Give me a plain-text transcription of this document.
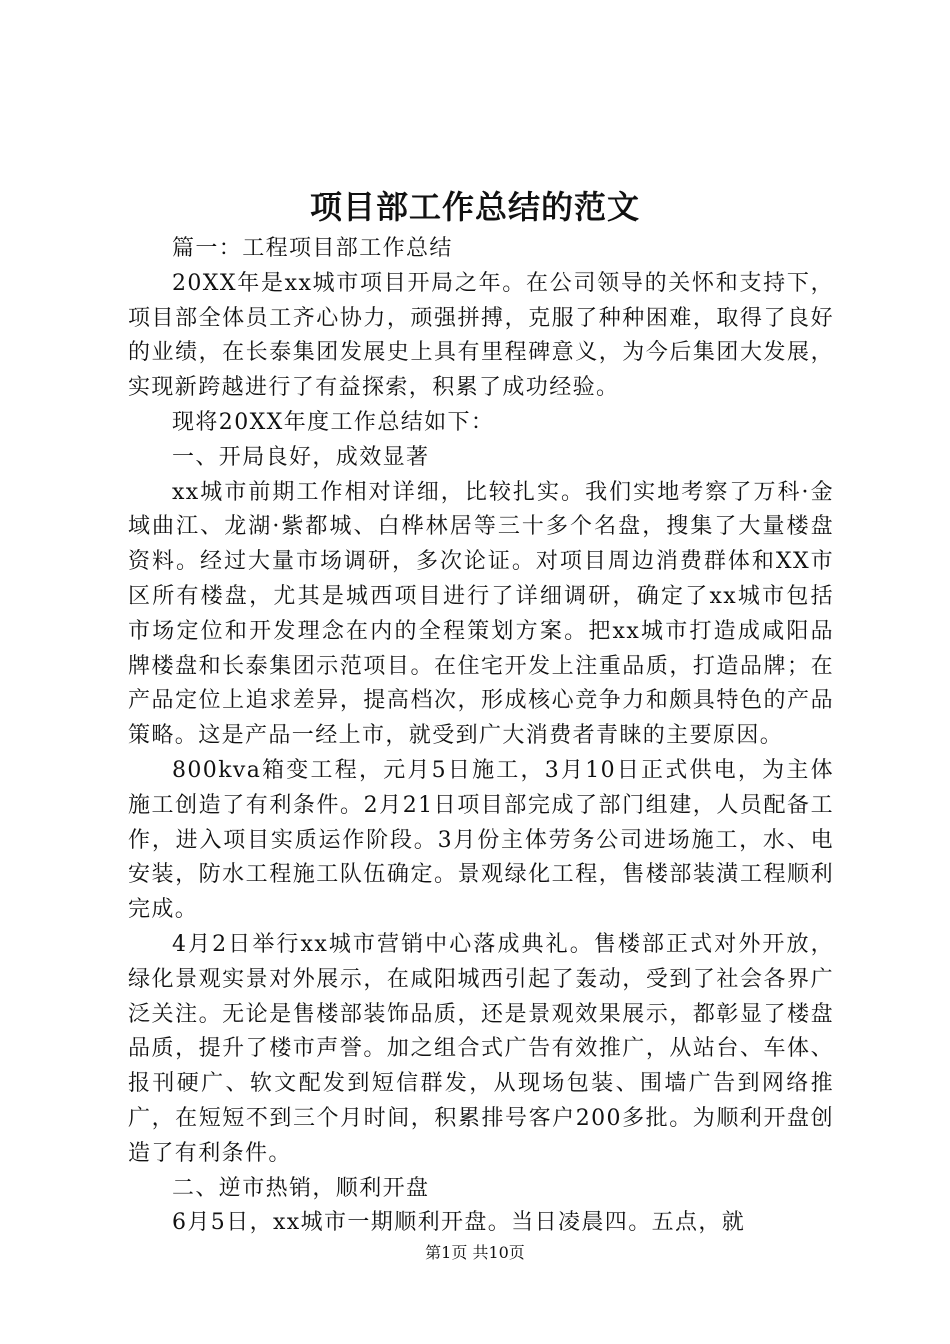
项目部工作总结的范文

篇一：工程项目部工作总结

20XX年是xx城市项目开局之年。在公司领导的关怀和支持下，项目部全体员工齐心协力，顽强拼搏，克服了种种困难，取得了良好的业绩，在长泰集团发展史上具有里程碑意义，为今后集团大发展，实现新跨越进行了有益探索，积累了成功经验。

现将20XX年度工作总结如下：

一、开局良好，成效显著

xx城市前期工作相对详细，比较扎实。我们实地考察了万科·金域曲江、龙湖·紫都城、白桦林居等三十多个名盘，搜集了大量楼盘资料。经过大量市场调研，多次论证。对项目周边消费群体和XX市区所有楼盘，尤其是城西项目进行了详细调研，确定了xx城市包括市场定位和开发理念在内的全程策划方案。把xx城市打造成咸阳品牌楼盘和长泰集团示范项目。在住宅开发上注重品质，打造品牌；在产品定位上追求差异，提高档次，形成核心竞争力和颇具特色的产品策略。这是产品一经上市，就受到广大消费者青睐的主要原因。

800kva箱变工程，元月5日施工，3月10日正式供电，为主体施工创造了有利条件。2月21日项目部完成了部门组建，人员配备工作，进入项目实质运作阶段。3月份主体劳务公司进场施工，水、电安装，防水工程施工队伍确定。景观绿化工程，售楼部装潢工程顺利完成。

4月2日举行xx城市营销中心落成典礼。售楼部正式对外开放，绿化景观实景对外展示，在咸阳城西引起了轰动，受到了社会各界广泛关注。无论是售楼部装饰品质，还是景观效果展示，都彰显了楼盘品质，提升了楼市声誉。加之组合式广告有效推广，从站台、车体、报刊硬广、软文配发到短信群发，从现场包装、围墙广告到网络推广，在短短不到三个月时间，积累排号客户200多批。为顺利开盘创造了有利条件。

二、逆市热销，顺利开盘

6月5日，xx城市一期顺利开盘。当日凌晨四。五点，就

第1页 共10页
